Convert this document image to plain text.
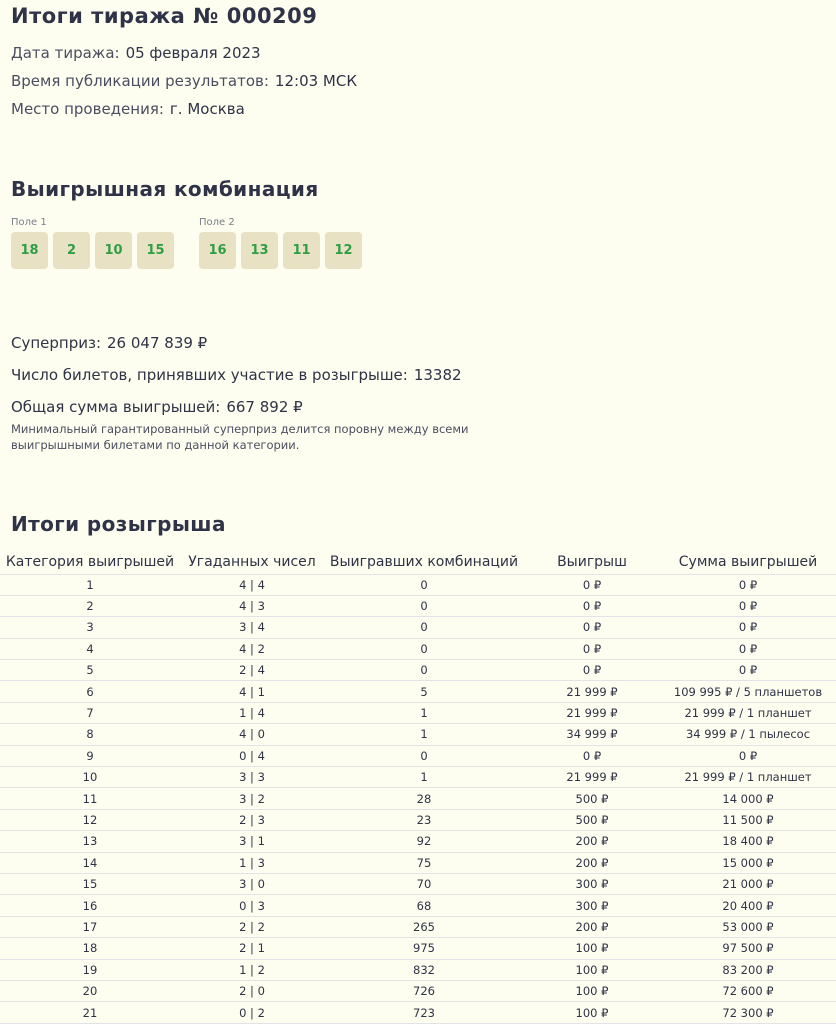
Итоги тиража № 000209
Дата тиража: 05 февраля 2023
Время публикации результатов: 12:03 МСК
Место проведения: г. Москва
Выигрышная комбинация
Поле 1
18	2	10	15
Поле 2
16	13	11	12
Суперприз: 26 047 839 ₽
Число билетов, принявших участие в розыгрыше: 13382
Общая сумма выигрышей: 667 892 ₽

Минимальный гарантированный суперприз делится поровну между всеми выигрышными билетами по данной категории.

Итоги розыгрыша
Категория выигрышей	Угаданных чисел	Выигравших комбинаций	Выигрыш	Сумма выигрышей
1	4 | 4	0	0 ₽	0 ₽
2	4 | 3	0	0 ₽	0 ₽
3	3 | 4	0	0 ₽	0 ₽
4	4 | 2	0	0 ₽	0 ₽
5	2 | 4	0	0 ₽	0 ₽
6	4 | 1	5	21 999 ₽	109 995 ₽ / 5 планшетов
7	1 | 4	1	21 999 ₽	21 999 ₽ / 1 планшет
8	4 | 0	1	34 999 ₽	34 999 ₽ / 1 пылесос
9	0 | 4	0	0 ₽	0 ₽
10	3 | 3	1	21 999 ₽	21 999 ₽ / 1 планшет
11	3 | 2	28	500 ₽	14 000 ₽
12	2 | 3	23	500 ₽	11 500 ₽
13	3 | 1	92	200 ₽	18 400 ₽
14	1 | 3	75	200 ₽	15 000 ₽
15	3 | 0	70	300 ₽	21 000 ₽
16	0 | 3	68	300 ₽	20 400 ₽
17	2 | 2	265	200 ₽	53 000 ₽
18	2 | 1	975	100 ₽	97 500 ₽
19	1 | 2	832	100 ₽	83 200 ₽
20	2 | 0	726	100 ₽	72 600 ₽
21	0 | 2	723	100 ₽	72 300 ₽
